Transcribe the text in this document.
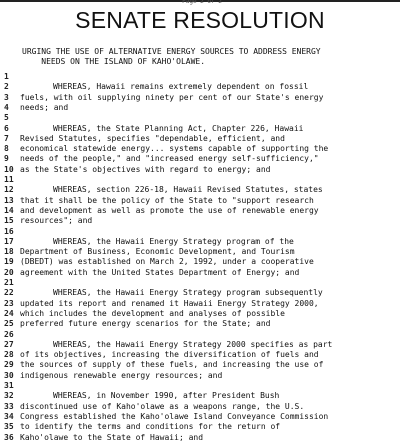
Page 2 of 2
SENATE RESOLUTION
URGING THE USE OF ALTERNATIVE ENERGY SOURCES TO ADDRESS ENERGY
NEEDS ON THE ISLAND OF KAHO'OLAWE.
1
2	WHEREAS, Hawaii remains extremely dependent on fossil
3	fuels, with oil supplying ninety per cent of our State's energy
4	needs; and
5
6	WHEREAS, the State Planning Act, Chapter 226, Hawaii
7	Revised Statutes, specifies "dependable, efficient, and
8	economical statewide energy... systems capable of supporting the
9	needs of the people," and "increased energy self-sufficiency,"
10 as the State's objectives with regard to energy; and
11
12	WHEREAS, section 226-18, Hawaii Revised Statutes, states
13 that it shall be the policy of the State to "support research
14 and development as well as promote the use of renewable energy
15 resources"; and
16
17	WHEREAS, the Hawaii Energy Strategy program of the
18 Department of Business, Economic Development, and Tourism
19 (DBEDT) was established on March 2, 1992, under a cooperative
20 agreement with the United States Department of Energy; and
21
22	WHEREAS, the Hawaii Energy Strategy program subsequently
23 updated its report and renamed it Hawaii Energy Strategy 2000,
24 which includes the development and analyses of possible
25 preferred future energy scenarios for the State; and
26
27	WHEREAS, the Hawaii Energy Strategy 2000 specifies as part
28 of its objectives, increasing the diversification of fuels and
29 the sources of supply of these fuels, and increasing the use of
30 indigenous renewable energy resources; and
31
32	WHEREAS, in November 1990, after President Bush
33 discontinued use of Kaho'olawe as a weapons range, the U.S.
34 Congress established the Kaho'olawe Island Conveyance Commission
35 to identify the terms and conditions for the return of
36 Kaho'olawe to the State of Hawaii; and
